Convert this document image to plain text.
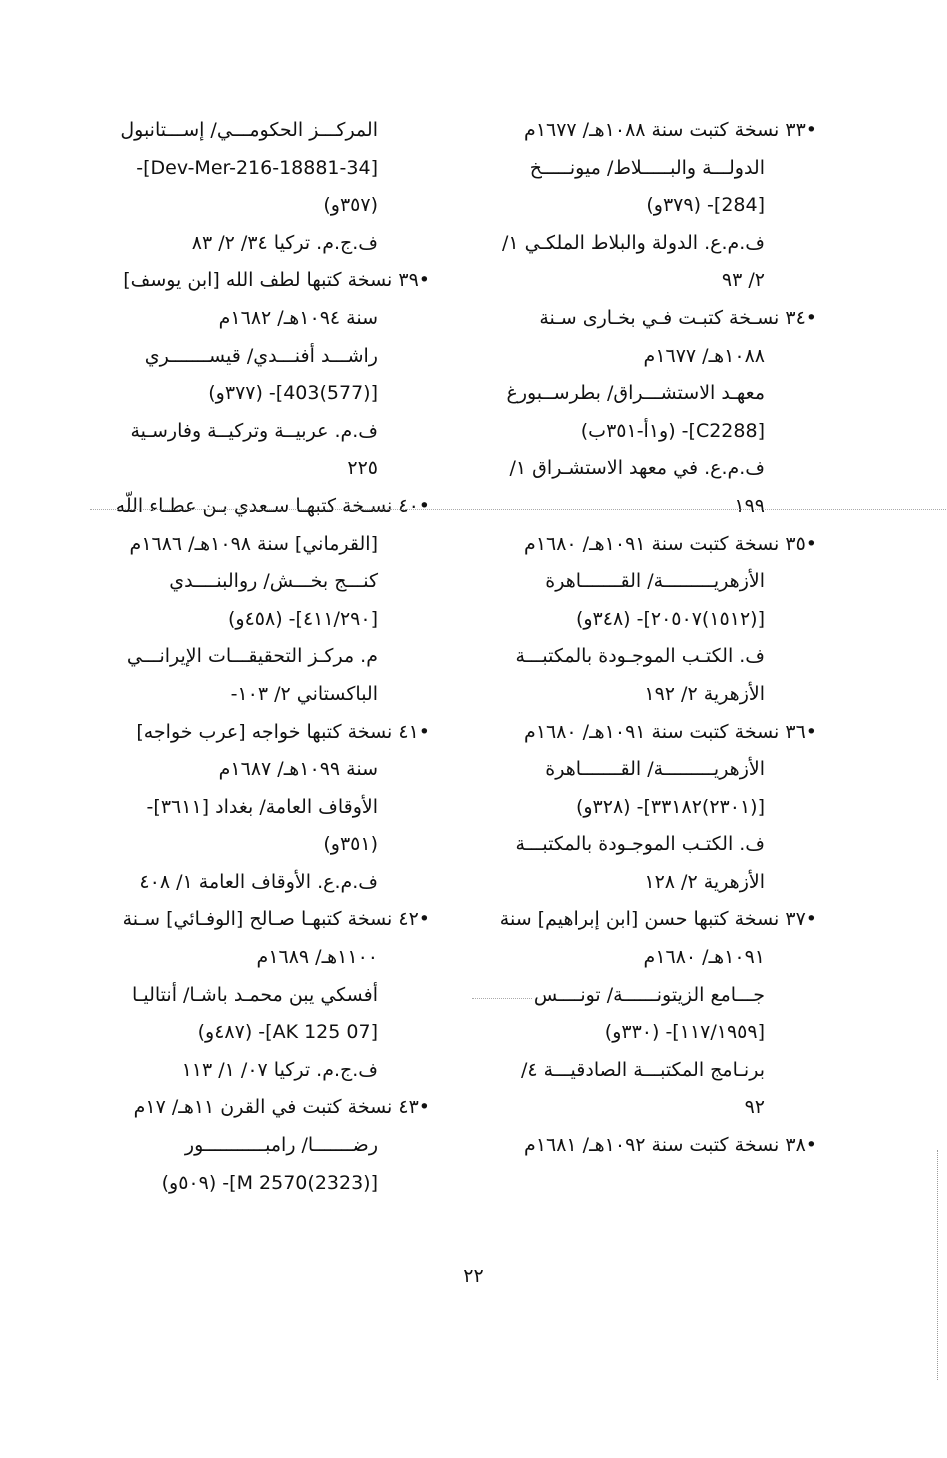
•٣٣ نسخة كتبت سنة ١٠٨٨هـ/ ١٦٧٧م
الدولـــة والبـــــلاط/ ميونـــــخ
[284]- (٣٧٩و)
ف.م.ع. الدولة والبلاط الملكـي ١/
٢/ ٩٣
•٣٤ نسـخة كتبـت فـي بخـارى سـنة
١٠٨٨هـ/ ١٦٧٧م
معهـد الاستشـــراق/ بطرســبورغ
[C2288]- (و١أ-٣٥١ب)
ف.م.ع. في معهد الاستشـراق ١/
١٩٩
•٣٥ نسخة كتبت سنة ١٠٩١هـ/ ١٦٨٠م
الأزهريـــــــــة/ القـــــــاهرة
[(١٥١٢)٢٠٥٠٧]- (٣٤٨و)
ف. الكتـب الموجـودة بالمكتبـــة
الأزهرية ٢/ ١٩٢
•٣٦ نسخة كتبت سنة ١٠٩١هـ/ ١٦٨٠م
الأزهريـــــــــة/ القـــــــاهرة
[(٢٣٠١)٣٣١٨٢]- (٣٢٨و)
ف. الكتـب الموجـودة بالمكتبـــة
الأزهرية ٢/ ١٢٨
•٣٧ نسخة كتبها حسن [ابن إبراهيم] سنة
١٠٩١هـ/ ١٦٨٠م
جـــامع الزيتونــــــة/ تونــــس
[١١٧/١٩٥٩]- (٣٣٠و)
برنـامج المكتبـــة الصادقيـــة ٤/
٩٢
•٣٨ نسخة كتبت سنة ١٠٩٢هـ/ ١٦٨١م
المركـــز الحكومـــي/ إســـتانبول
[34-Dev-Mer-216-18881]-
(٣٥٧و)
ف.ج.م. تركيا ٣٤/ ٢/ ٨٣
•٣٩ نسخة كتبها لطف الله [ابن يوسف]
سنة ١٠٩٤هـ/ ١٦٨٢م
راشـــد أفنـــدي/ قيســـــــري
[(577)403]- (٣٧٧و)
ف.م. عربيــة وتركيــة وفارسـية
٢٢٥
•٤٠ نسـخة كتبهـا سـعدي بـن عطـاء اللّه
[القرماني] سنة ١٠٩٨هـ/ ١٦٨٦م
كنـــج بخـــش/ روالبنــــدي
[٤١١/٢٩٠]- (٤٥٨و)
م. مركـز التحقيقـــات الإيرانـــي
الباكستاني ٢/ ١٠٣-
•٤١ نسخة كتبها خواجه [عرب خواجه]
سنة ١٠٩٩هـ/ ١٦٨٧م
الأوقاف العامة/ بغداد [٣٦١١]-
(٣٥١و)
ف.م.ع. الأوقاف العامة ١/ ٤٠٨
•٤٢ نسخة كتبهـا صـالح [الوفـائي] سـنة
١١٠٠هـ/ ١٦٨٩م
أفسكي يبن محمـد باشـا/ أنتاليـا
[07 AK 125]- (٤٨٧و)
ف.ج.م. تركيا ٠٧/ ١/ ١١٣
•٤٣ نسخة كتبت في القرن ١١هـ/ ١٧م
رضـــــــا/ رامبـــــــــــور
[(2323)2570 M]- (٥٠٩و)
٢٢
